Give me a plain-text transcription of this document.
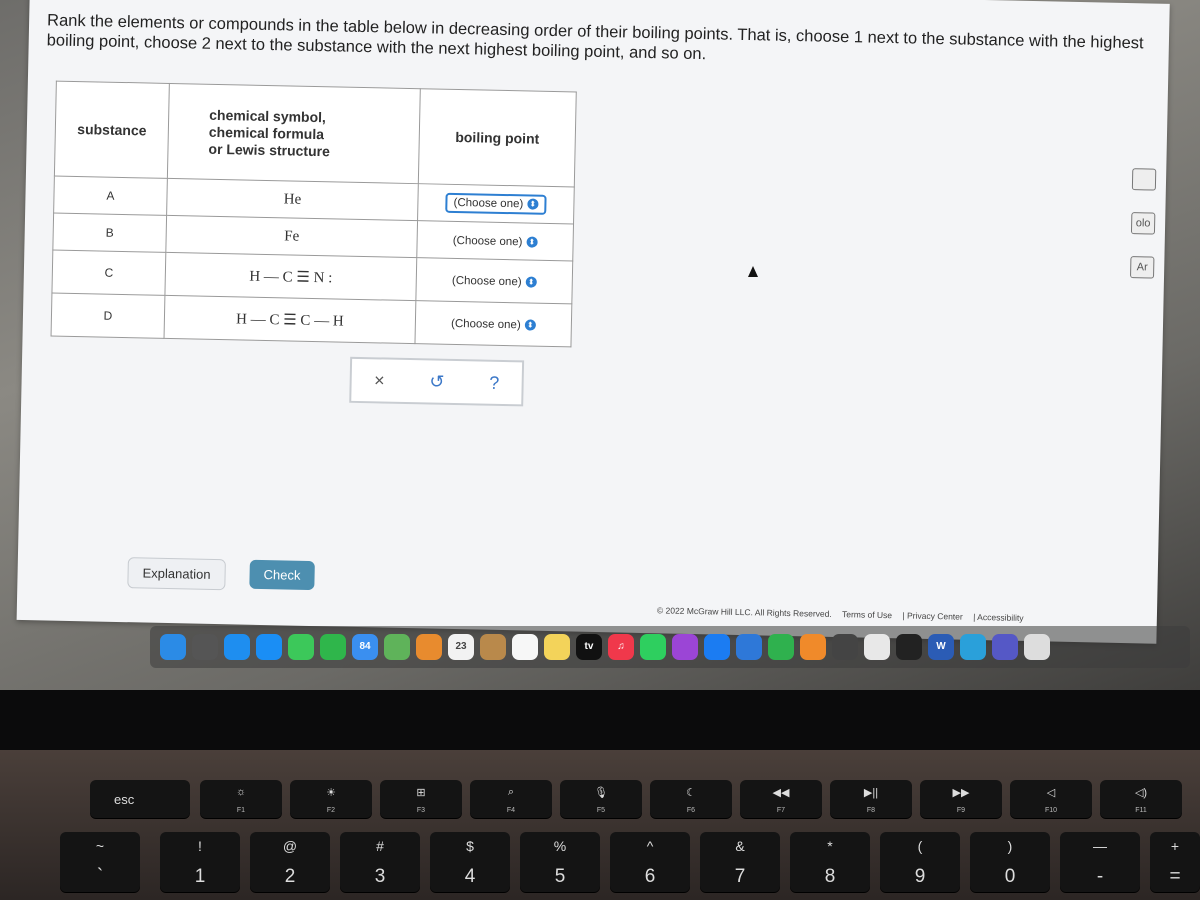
Rank the elements or compounds in the table below in decreasing order of their boiling points. That is, choose 1 next to the substance with the highest boiling point, choose 2 next to the substance with the next highest boiling point, and so on.
substance	chemical symbol,
chemical formula
or Lewis structure	boiling point
A	He	(Choose one) ⬍
B	Fe	(Choose one) ⬍
C	H — C ☰ N :	(Choose one) ⬍
D	H — C ☰ C — H	(Choose one) ⬍
× ↺ ?
Explanation	Check
© 2022 McGraw Hill LLC. All Rights Reserved. Terms of Use | Privacy Center | Accessibility
olo
Ar
84	23	tv	♫	W
esc	☼
F1
☀
F2
⊞
F3
⌕
F4
🎙
F5
☾
F6
◀◀
F7
▶||
F8
▶▶
F9
◁
F10
◁)
F11
~
`
!
1
@
2
#
3
$
4
%
5
^
6
&
7
*
8
(
9
)
0
—
-
+
=
